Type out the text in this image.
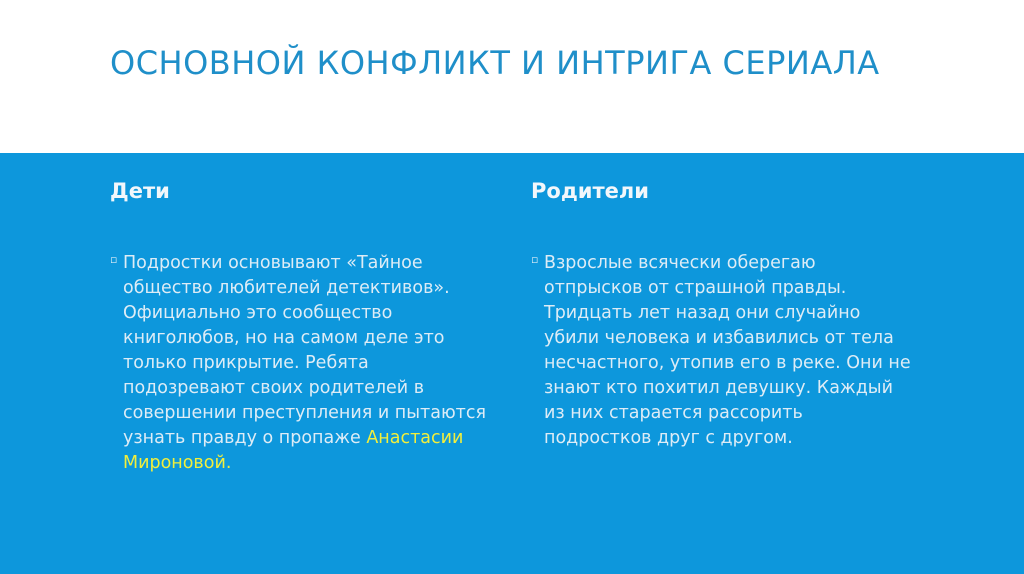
ОСНОВНОЙ КОНФЛИКТ И ИНТРИГА СЕРИАЛА
Дети
▫ Подростки основывают «Тайное общество любителей детективов». Официально это сообщество книголюбов, но на самом деле это только прикрытие. Ребята подозревают своих родителей в совершении преступления и пытаются узнать правду о пропаже Анастасии Мироновой.
Родители
▫ Взрослые всячески оберегаю отпрысков от страшной правды. Тридцать лет назад они случайно убили человека и избавились от тела несчастного, утопив его в реке. Они не знают кто похитил девушку. Каждый из них старается рассорить подростков друг с другом.
